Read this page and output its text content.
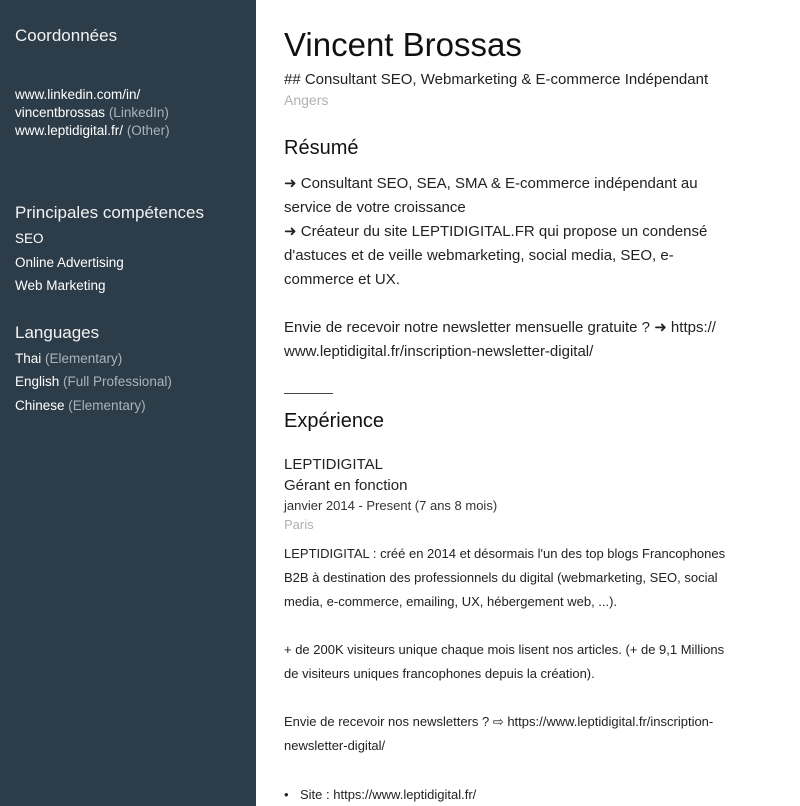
Coordonnées
www.linkedin.com/in/
vincentbrossas (LinkedIn)
www.leptidigital.fr/ (Other)
Principales compétences
SEO
Online Advertising
Web Marketing
Languages
Thai (Elementary)
English (Full Professional)
Chinese (Elementary)
Vincent Brossas
## Consultant SEO, Webmarketing & E-commerce Indépendant
Angers
Résumé
➜ Consultant SEO, SEA, SMA & E-commerce indépendant au
service de votre croissance
➜ Créateur du site LEPTIDIGITAL.FR qui propose un condensé
d'astuces et de veille webmarketing, social media, SEO, e-
commerce et UX.
Envie de recevoir notre newsletter mensuelle gratuite ? ➜ https://
www.leptidigital.fr/inscription-newsletter-digital/
Expérience
LEPTIDIGITAL
Gérant en fonction
janvier 2014 - Present (7 ans 8 mois)
Paris
LEPTIDIGITAL : créé en 2014 et désormais l'un des top blogs Francophones
B2B à destination des professionnels du digital (webmarketing, SEO, social
media, e-commerce, emailing, UX, hébergement web, ...).
+ de 200K visiteurs unique chaque mois lisent nos articles. (+ de 9,1 Millions
de visiteurs uniques francophones depuis la création).
Envie de recevoir nos newsletters ? ⇨ https://www.leptidigital.fr/inscription-
newsletter-digital/
• Site : https://www.leptidigital.fr/
